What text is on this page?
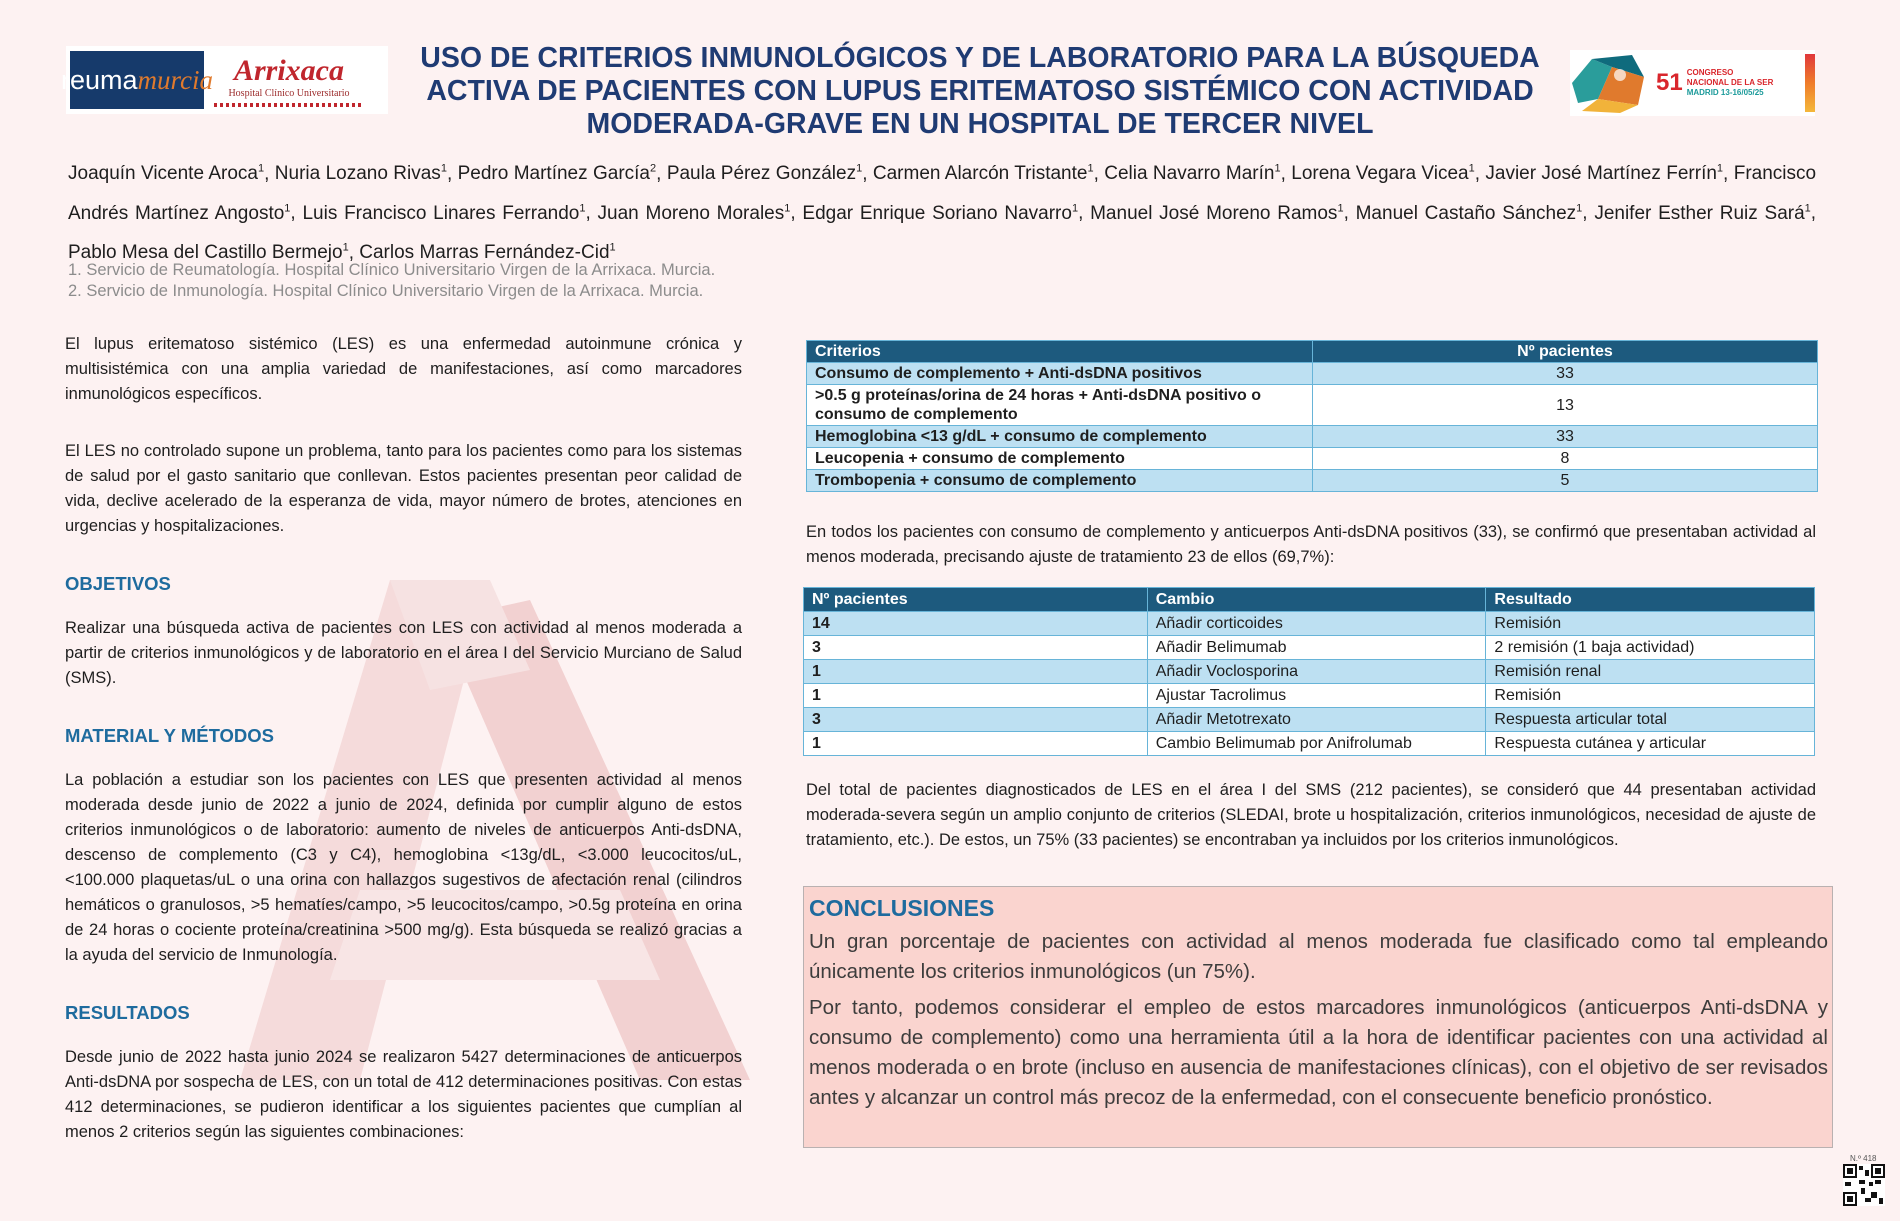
reuma murcia Arrixaca
Hospital Clínico Universitario
USO DE CRITERIOS INMUNOLÓGICOS Y DE LABORATORIO PARA LA BÚSQUEDA ACTIVA DE PACIENTES CON LUPUS ERITEMATOSO SISTÉMICO CON ACTIVIDAD MODERADA-GRAVE EN UN HOSPITAL DE TERCER NIVEL
51 CONGRESO
NACIONAL DE LA SER
MADRID 13-16/05/25
Joaquín Vicente Aroca$^1$, Nuria Lozano Rivas$^1$, Pedro Martínez García$^2$, Paula Pérez González$^1$, Carmen Alarcón Tristante$^1$, Celia Navarro Marín$^1$, Lorena Vegara Vicea$^1$, Javier José Martínez Ferrín$^1$, Francisco Andrés Martínez Angosto$^1$, Luis Francisco Linares Ferrando$^1$, Juan Moreno Morales$^1$, Edgar Enrique Soriano Navarro$^1$, Manuel José Moreno Ramos$^1$, Manuel Castaño Sánchez$^1$, Jenifer Esther Ruiz Sará$^1$, Pablo Mesa del Castillo Bermejo$^1$, Carlos Marras Fernández-Cid$^1$
1. Servicio de Reumatología. Hospital Clínico Universitario Virgen de la Arrixaca. Murcia.
2. Servicio de Inmunología. Hospital Clínico Universitario Virgen de la Arrixaca. Murcia.

El lupus eritematoso sistémico (LES) es una enfermedad autoinmune crónica y multisistémica con una amplia variedad de manifestaciones, así como marcadores inmunológicos específicos.

El LES no controlado supone un problema, tanto para los pacientes como para los sistemas de salud por el gasto sanitario que conllevan. Estos pacientes presentan peor calidad de vida, declive acelerado de la esperanza de vida, mayor número de brotes, atenciones en urgencias y hospitalizaciones.

OBJETIVOS

Realizar una búsqueda activa de pacientes con LES con actividad al menos moderada a partir de criterios inmunológicos y de laboratorio en el área I del Servicio Murciano de Salud (SMS).

MATERIAL Y MÉTODOS

La población a estudiar son los pacientes con LES que presenten actividad al menos moderada desde junio de 2022 a junio de 2024, definida por cumplir alguno de estos criterios inmunológicos o de laboratorio: aumento de niveles de anticuerpos Anti-dsDNA, descenso de complemento (C3 y C4), hemoglobina <13g/dL, <3.000 leucocitos/uL, <100.000 plaquetas/uL o una orina con hallazgos sugestivos de afectación renal (cilindros hemáticos o granulosos, >5 hematíes/campo, >5 leucocitos/campo, >0.5g proteína en orina de 24 horas o cociente proteína/creatinina >500 mg/g). Esta búsqueda se realizó gracias a la ayuda del servicio de Inmunología.

RESULTADOS

Desde junio de 2022 hasta junio 2024 se realizaron 5427 determinaciones de anticuerpos Anti-dsDNA por sospecha de LES, con un total de 412 determinaciones positivas. Con estas 412 determinaciones, se pudieron identificar a los siguientes pacientes que cumplían al menos 2 criterios según las siguientes combinaciones:

Criterios	Nº pacientes
Consumo de complemento + Anti-dsDNA positivos	33
>0.5 g proteínas/orina de 24 horas + Anti-dsDNA positivo o consumo de complemento	13
Hemoglobina <13 g/dL + consumo de complemento	33
Leucopenia + consumo de complemento	8
Trombopenia + consumo de complemento	5

En todos los pacientes con consumo de complemento y anticuerpos Anti-dsDNA positivos (33), se confirmó que presentaban actividad al menos moderada, precisando ajuste de tratamiento 23 de ellos (69,7%):

Nº pacientes	Cambio	Resultado
14	Añadir corticoides	Remisión
3	Añadir Belimumab	2 remisión (1 baja actividad)
1	Añadir Voclosporina	Remisión renal
1	Ajustar Tacrolimus	Remisión
3	Añadir Metotrexato	Respuesta articular total
1	Cambio Belimumab por Anifrolumab	Respuesta cutánea y articular

Del total de pacientes diagnosticados de LES en el área I del SMS (212 pacientes), se consideró que 44 presentaban actividad moderada-severa según un amplio conjunto de criterios (SLEDAI, brote u hospitalización, criterios inmunológicos, necesidad de ajuste de tratamiento, etc.). De estos, un 75% (33 pacientes) se encontraban ya incluidos por los criterios inmunológicos.

CONCLUSIONES

Un gran porcentaje de pacientes con actividad al menos moderada fue clasificado como tal empleando únicamente los criterios inmunológicos (un 75%).

Por tanto, podemos considerar el empleo de estos marcadores inmunológicos (anticuerpos Anti-dsDNA y consumo de complemento) como una herramienta útil a la hora de identificar pacientes con una actividad al menos moderada o en brote (incluso en ausencia de manifestaciones clínicas), con el objetivo de ser revisados antes y alcanzar un control más precoz de la enfermedad, con el consecuente beneficio pronóstico.

N.º 418
